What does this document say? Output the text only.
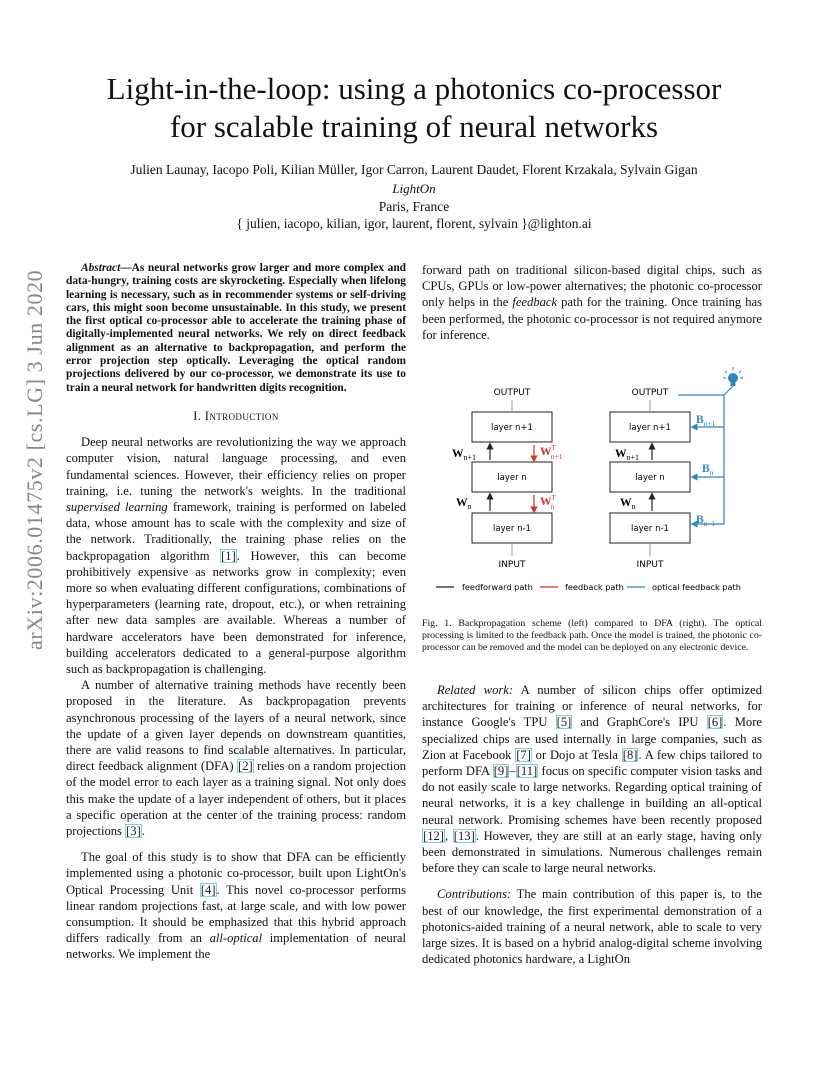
Light-in-the-loop: using a photonics co-processor
for scalable training of neural networks
Julien Launay, Iacopo Poli, Kilian Müller, Igor Carron, Laurent Daudet, Florent Krzakala, Sylvain Gigan
LightOn
Paris, France
{ julien, iacopo, kilian, igor, laurent, florent, sylvain }@lighton.ai
arXiv:2006.01475v2 [cs.LG] 3 Jun 2020

Abstract—As neural networks grow larger and more complex and data-hungry, training costs are skyrocketing. Especially when lifelong learning is necessary, such as in recommender systems or self-driving cars, this might soon become unsustainable. In this study, we present the first optical co-processor able to accelerate the training phase of digitally-implemented neural networks. We rely on direct feedback alignment as an alternative to backpropagation, and perform the error projection step optically. Leveraging the optical random projections delivered by our co-processor, we demonstrate its use to train a neural network for handwritten digits recognition.

I. Introduction

Deep neural networks are revolutionizing the way we approach computer vision, natural language processing, and even fundamental sciences. However, their efficiency relies on proper training, i.e. tuning the network's weights. In the traditional supervised learning framework, training is performed on labeled data, whose amount has to scale with the complexity and size of the network. Traditionally, the training phase relies on the backpropagation algorithm [1]. However, this can become prohibitively expensive as networks grow in complexity; even more so when evaluating different configurations, combinations of hyperparameters (learning rate, dropout, etc.), or when retraining after new data samples are available. Whereas a number of hardware accelerators have been demonstrated for inference, building accelerators dedicated to a general-purpose algorithm such as backpropagation is challenging.

A number of alternative training methods have recently been proposed in the literature. As backpropagation prevents asynchronous processing of the layers of a neural network, since the update of a given layer depends on downstream quantities, there are valid reasons to find scalable alternatives. In particular, direct feedback alignment (DFA) [2] relies on a random projection of the model error to each layer as a training signal. Not only does this make the update of a layer independent of others, but it places a specific operation at the center of the training process: random projections [3].

The goal of this study is to show that DFA can be efficiently implemented using a photonic co-processor, built upon LightOn's Optical Processing Unit [4]. This novel co-processor performs linear random projections fast, at large scale, and with low power consumption. It should be emphasized that this hybrid approach differs radically from an all-optical implementation of neural networks. We implement the

forward path on traditional silicon-based digital chips, such as CPUs, GPUs or low-power alternatives; the photonic co-processor only helps in the feedback path for the training. Once training has been performed, the photonic co-processor is not required anymore for inference.

OUTPUT
layer n+1
layer n
layer n-1
INPUT
$W_{n+1}$
$W_n$
$W^T$ n+1
$W^T$ n
OUTPUT
layer n+1
layer n
layer n-1
INPUT
$W_{n+1}$
$W_n$
$B_{n+1}$
$B_n$
$B_{n-1}$
feedforward path	feedback path	optical feedback path
Fig. 1. Backpropagation scheme (left) compared to DFA (right). The optical processing is limited to the feedback path. Once the model is trained, the photonic co-processor can be removed and the model can be deployed on any electronic device.

Related work: A number of silicon chips offer optimized architectures for training or inference of neural networks, for instance Google's TPU [5] and GraphCore's IPU [6]. More specialized chips are used internally in large companies, such as Zion at Facebook [7] or Dojo at Tesla [8]. A few chips tailored to perform DFA [9]–[11] focus on specific computer vision tasks and do not easily scale to large networks. Regarding optical training of neural networks, it is a key challenge in building an all-optical neural network. Promising schemes have been recently proposed [12], [13]. However, they are still at an early stage, having only been demonstrated in simulations. Numerous challenges remain before they can scale to large neural networks.

Contributions: The main contribution of this paper is, to the best of our knowledge, the first experimental demonstration of a photonics-aided training of a neural network, able to scale to very large sizes. It is based on a hybrid analog-digital scheme involving dedicated photonics hardware, a LightOn
